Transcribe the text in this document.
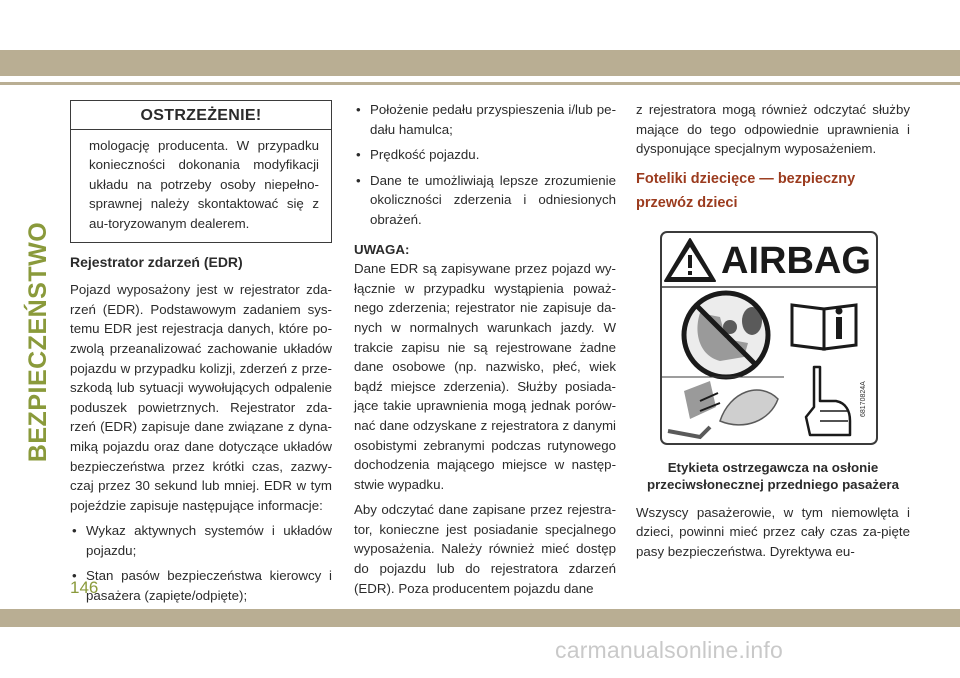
BEZPIECZEŃSTWO
OSTRZEŻENIE!
mologację producenta. W przypadku konieczności dokonania modyfikacji układu na potrzeby osoby niepełno-sprawnej należy skontaktować się z au-toryzowanym dealerem.
Rejestrator zdarzeń (EDR)

Pojazd wyposażony jest w rejestrator zda-rzeń (EDR). Podstawowym zadaniem sys-temu EDR jest rejestracja danych, które po-zwolą przeanalizować zachowanie układów pojazdu w przypadku kolizji, zderzeń z prze-szkodą lub sytuacji wywołujących odpalenie poduszek powietrznych. Rejestrator zda-rzeń (EDR) zapisuje dane związane z dyna-miką pojazdu oraz dane dotyczące układów bezpieczeństwa przez krótki czas, zazwy-czaj przez 30 sekund lub mniej. EDR w tym pojeździe zapisuje następujące informacje:

• Wykaz aktywnych systemów i układów pojazdu;
• Stan pasów bezpieczeństwa kierowcy i pasażera (zapięte/odpięte);
• Położenie pedału przyspieszenia i/lub pe-dału hamulca;
• Prędkość pojazdu.
• Dane te umożliwiają lepsze zrozumienie okoliczności zderzenia i odniesionych obrażeń.
UWAGA:

Dane EDR są zapisywane przez pojazd wy-łącznie w przypadku wystąpienia poważ-nego zderzenia; rejestrator nie zapisuje da-nych w normalnych warunkach jazdy. W trakcie zapisu nie są rejestrowane żadne dane osobowe (np. nazwisko, płeć, wiek bądź miejsce zderzenia). Służby posiada-jące takie uprawnienia mogą jednak porów-nać dane odzyskane z rejestratora z danymi osobistymi zebranymi podczas rutynowego dochodzenia mającego miejsce w następ-stwie wypadku.

Aby odczytać dane zapisane przez rejestra-tor, konieczne jest posiadanie specjalnego wyposażenia. Należy również mieć dostęp do pojazdu lub do rejestratora zdarzeń (EDR). Poza producentem pojazdu dane

z rejestratora mogą również odczytać służby mające do tego odpowiednie uprawnienia i dysponujące specjalnym wyposażeniem.

Foteliki dziecięce — bezpieczny przewóz dzieci
AIRBAG
68170824A
Etykieta ostrzegawcza na osłonie przeciwsłonecznej przedniego pasażera

Wszyscy pasażerowie, w tym niemowlęta i dzieci, powinni mieć przez cały czas za-pięte pasy bezpieczeństwa. Dyrektywa eu-

146
carmanualsonline.info
